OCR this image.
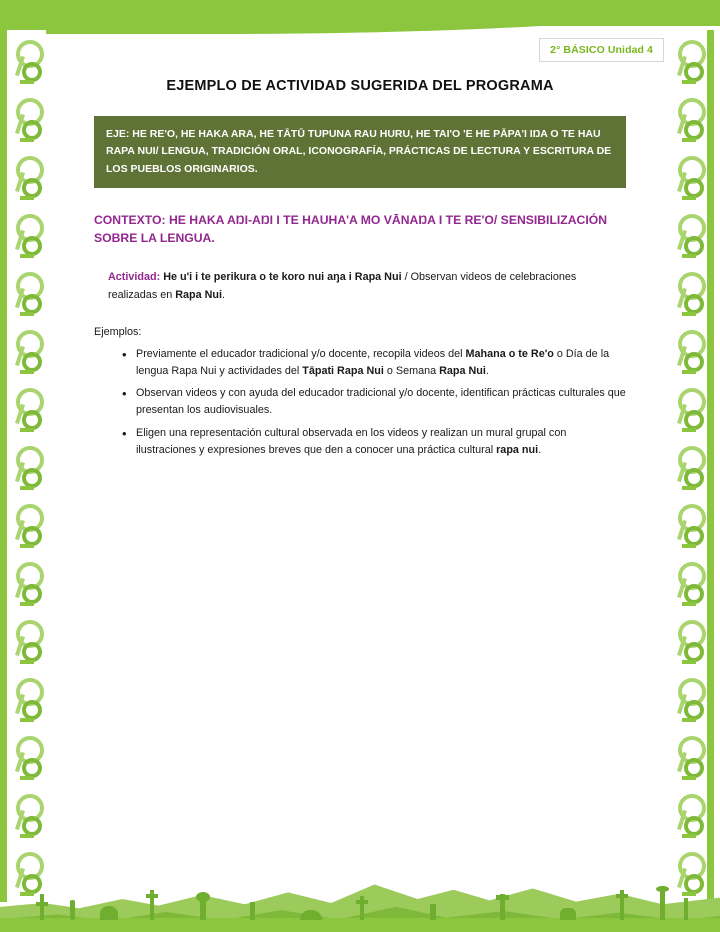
2° BÁSICO Unidad 4
EJEMPLO DE ACTIVIDAD SUGERIDA DEL PROGRAMA
EJE: HE RE'O, HE HAKA ARA, HE TĀTŪ TUPUNA RAU HURU, HE TAI'O 'E HE PĀPA'I IŊA O TE HAU RAPA NUI/ LENGUA, TRADICIÓN ORAL, ICONOGRAFÍA, PRÁCTICAS DE LECTURA Y ESCRITURA DE LOS PUEBLOS ORIGINARIOS.
CONTEXTO: HE HAKA AŊI-AŊI I TE HAUHA'A MO VĀNAŊA I TE RE'O/ SENSIBILIZACIÓN SOBRE LA LENGUA.
Actividad: He u'i i te perikura o te koro nui aŋa i Rapa Nui / Observan videos de celebraciones realizadas en Rapa Nui.
Ejemplos:
• Previamente el educador tradicional y/o docente, recopila videos del Mahana o te Re'o o Día de la lengua Rapa Nui y actividades del Tāpati Rapa Nui o Semana Rapa Nui.
• Observan videos y con ayuda del educador tradicional y/o docente, identifican prácticas culturales que presentan los audiovisuales.
• Eligen una representación cultural observada en los videos y realizan un mural grupal con ilustraciones y expresiones breves que den a conocer una práctica cultural rapa nui.
